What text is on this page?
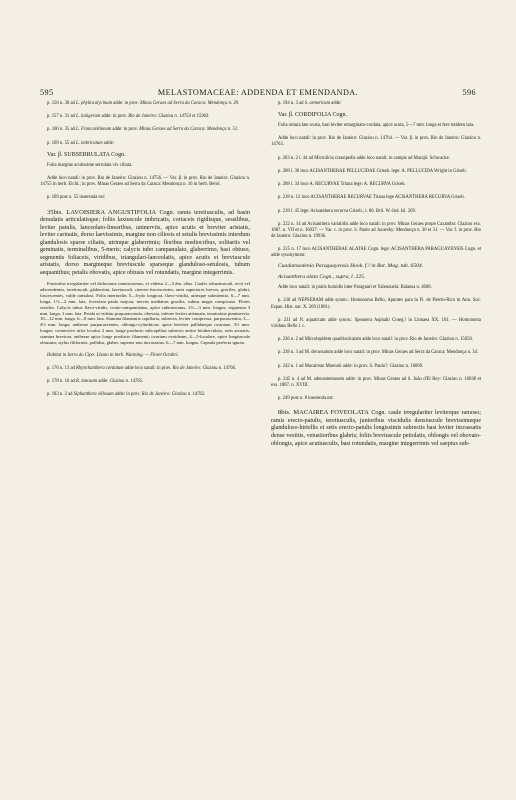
595	MELASTOMACEAE: ADDENDA ET EMENDANDA.	596

p. 156 n. 30 ad L. phyllocalycinum adde: in prov. Minas Geraes ad Serra da Caraca: Mendonça n. 39.

p. 157 n. 31 ad L. lanigerum adde: in prov. Rio de Janeiro: Glaziou n. 14754 et 15963.

p. 160 n. 35 ad L. Francavillanum adde: in prov. Minas Geraes ad Serra da Caraca: Mendonça n. 51.

p. 169 n. 55 ad L. imbricatum adde:

Var. β. SUBSERRULATA Cogn.

Folia margine acutissime serrulata vix ciliata.

Adde loco natali: in prov. Rio de Janeiro: Glaziou n. 14756. — Var. β. in prov. Rio de Janeiro: Glaziou n. 14755 in herb. Eichl.; in prov. Minas Geraes ad Serra da Caraca: Mendonça n. 16 in herb. Berol.

p. 169 post n. 55 inserenda est:

35bis. LAVOISIERA ANGUSTIFOLIA Cogn. ramis teretiusculis, ad basin denudatis articulatisque; foliis laxiuscule imbricatis, coriaceis rigidisque, sessilibus, leviter patulis, lanceolato-linearibus, uninerviis, apice acutis et breviter aristatis, leviter carinatis, dorso laevissimis, margine non ciliosis et setulis brevissimis interdum glandulosis sparse ciliatis, utrinque glaberrimis; floribus mediocribus, solitariis vel geminatis, terminalibus, 5-meris; calycis tubo campanulato, glaberrimo, basi obtuso, segmentis foliaceis, viridibus, triangulari-lanceolatis, apice acutis et breviuscule aristatis, dorso margineque breviuscule sparseque glanduloso-setulosis, tubum aequantibus; petalis obovatis, apice obtusis vel rotundatis, margine integerrimis.

Fruticulus irregulariter vel dichotome ramosissimus, et videtur 2—3 dm. altus. Caules robustiusculi, recti vel adscendentes, teretiusculi, glaberrimi, laeviusculi, cinereo-fuscescentes; rami superiores breves, graciles, glabri, fuscescentes, valde ramulosi. Folia internodiis 5—6-plo longiora, flavo-viridia, utrinque subnitentia, 6—7 mm. longa, 1½—2 mm. lata, foveolata paulo majora; nervus medianus gracilis, subtus magis conspicuus. Flores sessiles. Calycis tubus flavo-viridis, ovato-campanulatus, apice subtruncatus, 2½—3 mm. longus; segmenta 3 mm. longa, 1 mm. lata. Petala ut videtur purpurascentia, obovata, inferne leviter attenuata, tenuissime pinninervia, 10—12 mm. longa, 6—8 mm. lata. Stamina filamentis capillaria, subrecta, leviter compressa, purpurascentia, 3—4½ mm. longa; antherae purpurascentes, oblongo-cylindricae, apice breviter pallidaeque rostratae, 3½ mm. longae; connectivo infra loculos 2 mm. longe producto subcapillari subrecto antice bituberculato, setis arcuatis; stamina breviora, antherae apice longe producto filamenti; ovarium ovoideum, 4—5-loculare, apice longiuscule obtusum; stylus filiformis, pallidus, glaber, superne non incrassatus, 6—7 mm. longus. Capsula perfecta ignota.

Habitat in Serra do Cipo: Lhano in herb. Warming. — Floret Octobri.

p. 176 n. 13 ad Rhynchanthera cordatum adde loco natali: in prov. Rio de Janeiro: Glaziou n. 14766.

p. 178 n. 16 ad R. lanosum adde: Glaziou n. 14765.

p. 183 n. 2 ad Siphanthera villosum adde: in prov. Rio de Janeiro: Glaziou n. 14762.

p. 194 n. 3 ad S. armericum adde:

Var. β. CORDIFOLIA Cogn.

Folia omnia late ovata, basi leviter emarginato-cordata, apice acuta, 5—7 mm. longa et fere totidem lata.

Adde loco natali: in prov. Rio de Janeiro: Glaziou n. 14764. — Var. β. in prov. Rio de Janeiro: Glaziou n. 14763.

p. 203 n. 2 l. 44 ad Microlicia crassipedis adde loco natali: in campis ad Marajó: Schwacke.

p. 208 l. 30 loco ACISANTHERAE PELLUCIDAE Griseb. lege: A. PELLUCIDA Wright in Griseb.

p. 208 l. 34 loco A. RECURVAE Triana lege: A. RECURVA Griseb.

p. 218 n. 12 loco ACISANTHERAE RECURVAE Triana lege ACISANTHERA RECURVA Griseb.

p. 218 l. 45 lege: Acisanthera recurva Griseb., l. 80. Bril. W.-Ind. Isl. 269.

p. 222 n. 14 ad Acisanthera variabilis adde loco natali: in prov. Minas Geraes prope Caxambu: Glaziou exs. 1887. n. VII et n. 16037. — Var. c. in prov. S. Paulo ad Jacarehy: Mendonça n. 30 et 31. — Var. f. in prov. Rio de Janeiro: Glaziou n. 19936.

p. 225 n. 17 loco ACISANTHERAE ALATAE Cogn. lege: ACISANTHERA PARAGUAYENSIS Cogn. et adde synonymum:

Cuadamsedenia Paraguayensis Hook. f.! in Bot. Mag. tab. 6504.

Acisanthera alata Cogn., supra, l. 225.

Adde loco natali: in pratis humidis inter Paraguari et Yalenzuela: Balansa n. 4608.

p. 230 ad NEPSERAM adde synon.: Homonoma Bello, Apuntes para la Fl. de Puerto-Rico in Ann. Soc. Espan. Hist. nat. X. 269 (1881).

p. 231 ad N. aquaticam adde synon.: Spennera Asphalti Crueg.! in Linnaea XX. 101. — Homonoma viridans Bello l. c.

p. 236 n. 2 ad Microlepidem quadrisulcatam adde loco natali: in prov. Rio de Janeiro: Glaziou n. 15050.

p. 238 n. 3 ad M. decussatum adde loco natali: in prov. Minas Geraes ad Serra da Caraca: Mendonça n. 34.

p. 242 n. 1 ad Macairean Moennii adde: in prov. S. Paulo?: Glaziou n. 16069.

p. 245 n. 4 ad M. adenostemonem adde: in prov. Minas Geraes ad S. João d'El Rey: Glaziou n. 16038 et exs. 1887. n. XVIII.

p. 249 post n. 8 inserenda est:

8bis. MACAIREA FOVEOLATA Cogn. caule irregulariter leviterque ramoso; ramis erecto-patulis, teretiusculis, junioribus viscidulis densiuscule brevissimeque glanduloso-hirtellis et setis erecto-patulis longissimis subrectis basi leviter incrassatis dense vestitis, vetustioribus glabris; foliis breviuscule petiolatis, oblongis vel obovato-oblongis, apice acutiusculis, basi rotundatis, margine integerrimis vel saepius sub-
